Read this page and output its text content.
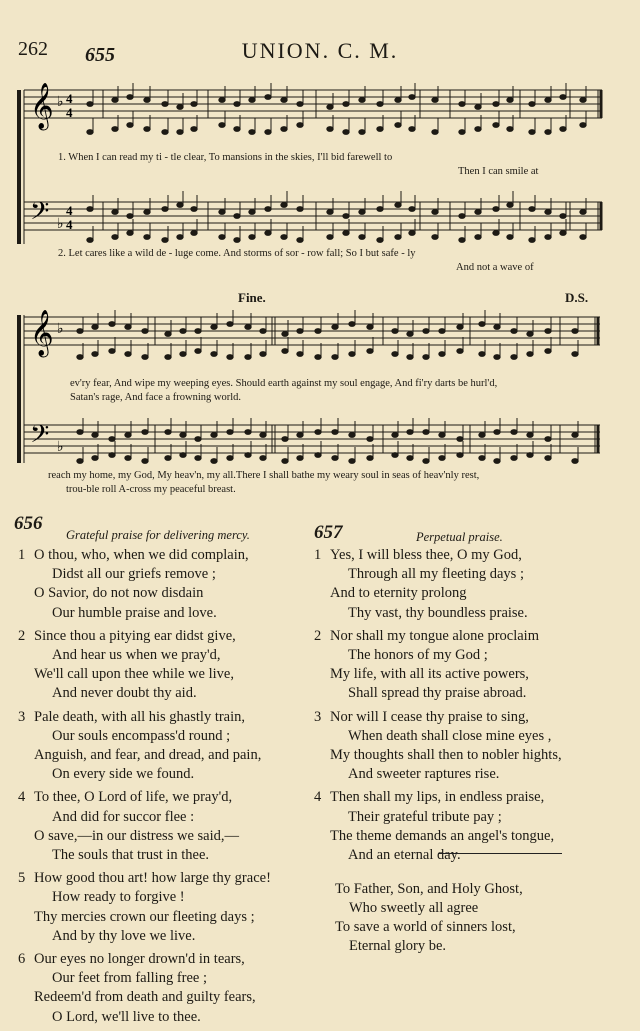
262 655	UNION. C. M.
𝄞
𝄢
♭
♭
4
4
4
4
1. When I can read my ti - tle clear, To mansions in the skies, I'll bid farewell to
Then I can smile at
2. Let cares like a wild de - luge come. And storms of sor - row fall; So I but safe - ly
And not a wave of
Fine.	D.S.
𝄞
𝄢
♭
♭
ev'ry fear, And wipe my weeping eyes. Should earth against my soul engage, And fi'ry darts be hurl'd,
Satan's rage, And face a frowning world.
reach my home, my God, My heav'n, my all.There I shall bathe my weary soul in seas of heav'nly rest,
trou-ble roll A-cross my peaceful breast.
656
Grateful praise for delivering mercy.
1 O thou, who, when we did complain,
Didst all our griefs remove ;
O Savior, do not now disdain
Our humble praise and love.
2 Since thou a pitying ear didst give,
And hear us when we pray'd,
We'll call upon thee while we live,
And never doubt thy aid.
3 Pale death, with all his ghastly train,
Our souls encompass'd round ;
Anguish, and fear, and dread, and pain,
On every side we found.
4 To thee, O Lord of life, we pray'd,
And did for succor flee :
O save,—in our distress we said,—
The souls that trust in thee.
5 How good thou art! how large thy grace!
How ready to forgive !
Thy mercies crown our fleeting days ;
And by thy love we live.
6 Our eyes no longer drown'd in tears,
Our feet from falling free ;
Redeem'd from death and guilty fears,
O Lord, we'll live to thee.
657	Perpetual praise.
1 Yes, I will bless thee, O my God,
Through all my fleeting days ;
And to eternity prolong
Thy vast, thy boundless praise.
2 Nor shall my tongue alone proclaim
The honors of my God ;
My life, with all its active powers,
Shall spread thy praise abroad.
3 Nor will I cease thy praise to sing,
When death shall close mine eyes ,
My thoughts shall then to nobler hights,
And sweeter raptures rise.
4 Then shall my lips, in endless praise,
Their grateful tribute pay ;
The theme demands an angel's tongue,
And an eternal day.
To Father, Son, and Holy Ghost,
Who sweetly all agree
To save a world of sinners lost,
Eternal glory be.
